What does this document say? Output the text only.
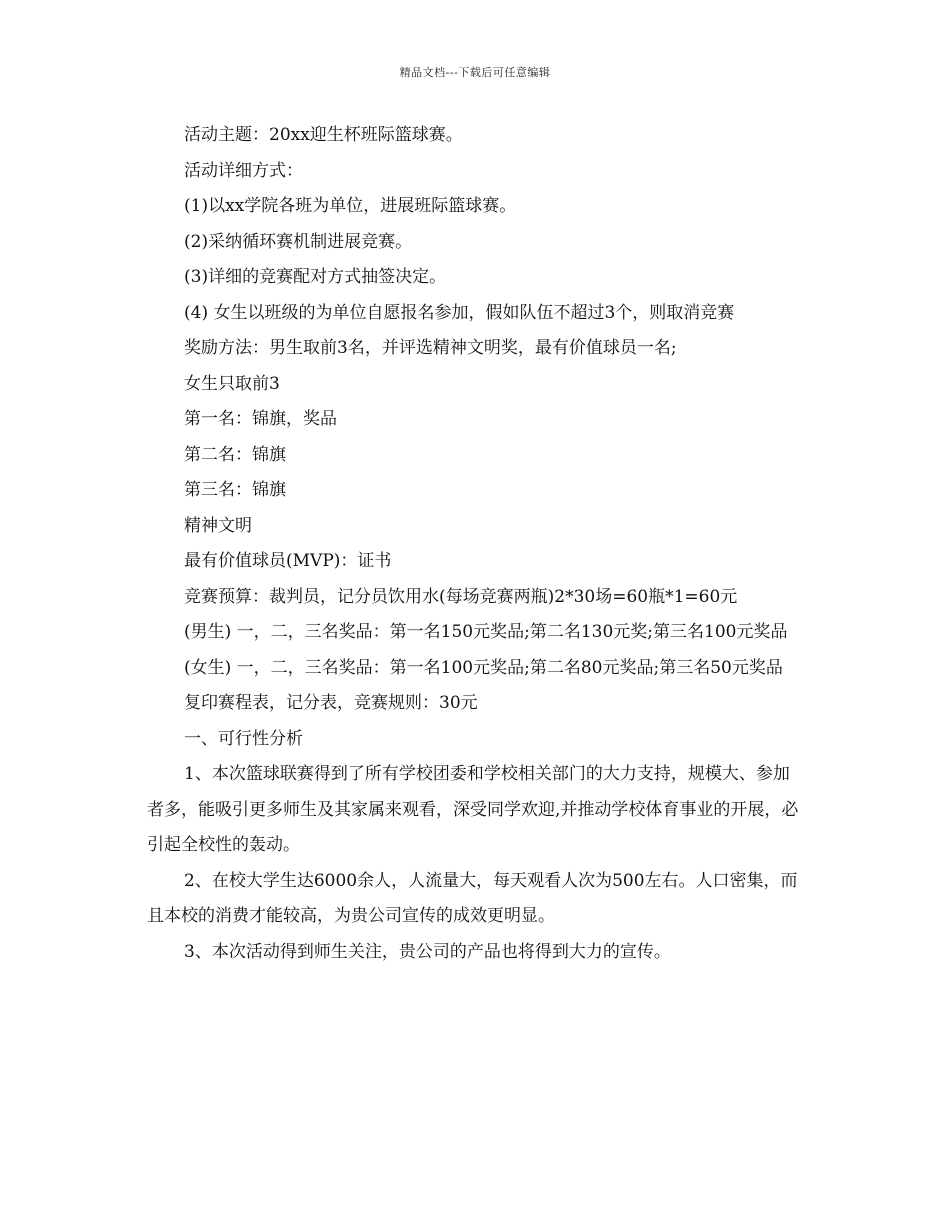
精品文档---下载后可任意编辑

活动主题：20xx迎生杯班际篮球赛。

活动详细方式：

(1)以xx学院各班为单位，进展班际篮球赛。

(2)采纳循环赛机制进展竞赛。

(3)详细的竞赛配对方式抽签决定。

(4) 女生以班级的为单位自愿报名参加，假如队伍不超过3个，则取消竞赛

奖励方法：男生取前3名，并评选精神文明奖，最有价值球员一名;

女生只取前3

第一名：锦旗，奖品

第二名：锦旗

第三名：锦旗

精神文明

最有价值球员(MVP)：证书

竞赛预算：裁判员，记分员饮用水(每场竞赛两瓶)2*30场=60瓶*1=60元

(男生) 一，二，三名奖品：第一名150元奖品;第二名130元奖;第三名100元奖品

(女生) 一，二，三名奖品：第一名100元奖品;第二名80元奖品;第三名50元奖品

复印赛程表，记分表，竞赛规则：30元

一、可行性分析

1、本次篮球联赛得到了所有学校团委和学校相关部门的大力支持，规模大、参加者多，能吸引更多师生及其家属来观看，深受同学欢迎,并推动学校体育事业的开展，必引起全校性的轰动。

2、在校大学生达6000余人，人流量大，每天观看人次为500左右。人口密集，而且本校的消费才能较高，为贵公司宣传的成效更明显。

3、本次活动得到师生关注，贵公司的产品也将得到大力的宣传。
